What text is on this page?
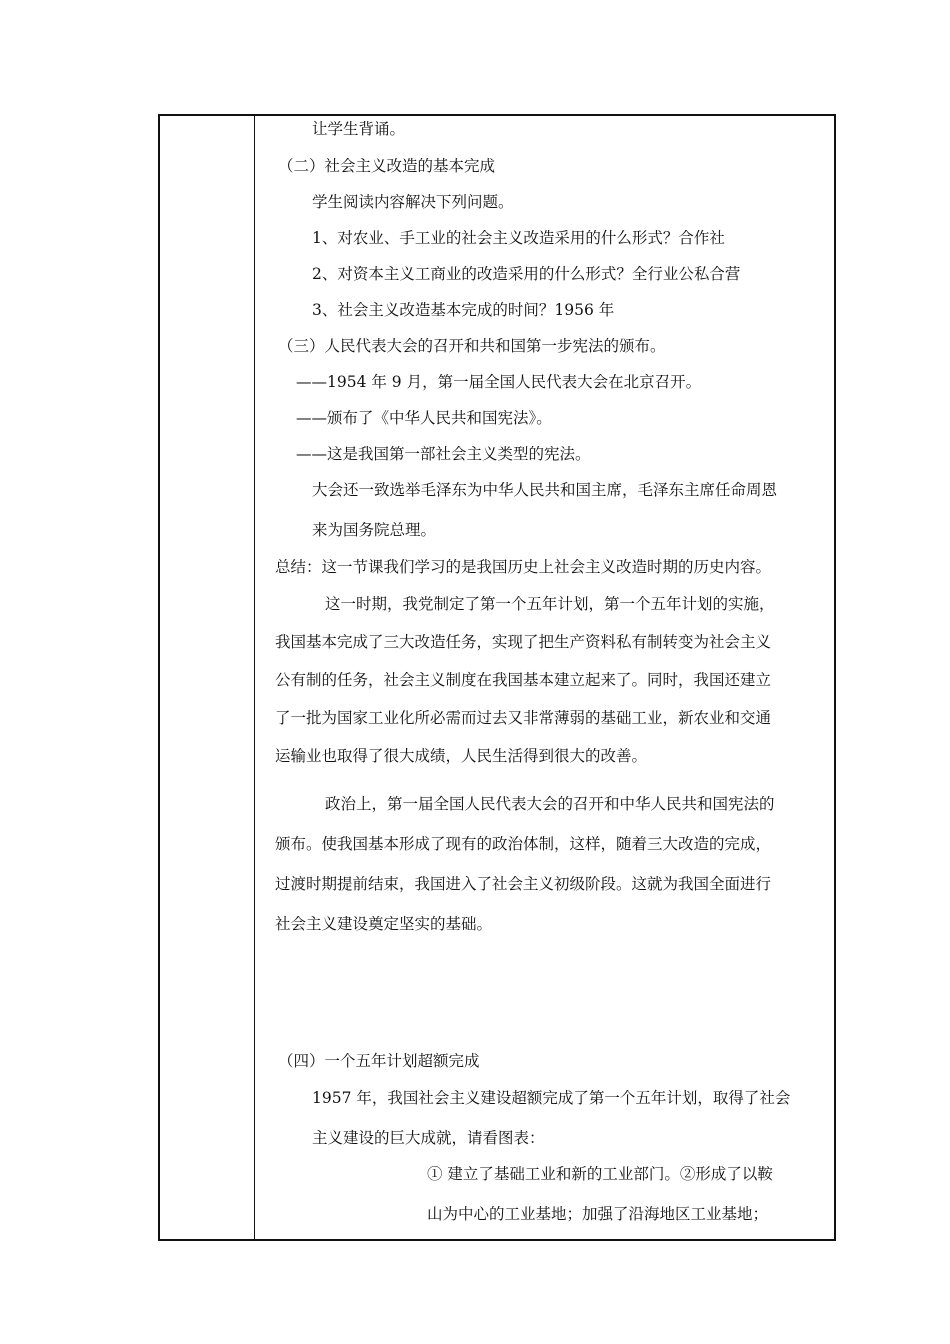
让学生背诵。
（二）社会主义改造的基本完成
学生阅读内容解决下列问题。
1、对农业、手工业的社会主义改造采用的什么形式？合作社
2、对资本主义工商业的改造采用的什么形式？全行业公私合营
3、社会主义改造基本完成的时间？1956 年
（三）人民代表大会的召开和共和国第一步宪法的颁布。
——1954 年 9 月，第一届全国人民代表大会在北京召开。
——颁布了《中华人民共和国宪法》。
——这是我国第一部社会主义类型的宪法。
大会还一致选举毛泽东为中华人民共和国主席，毛泽东主席任命周恩
来为国务院总理。
总结：这一节课我们学习的是我国历史上社会主义改造时期的历史内容。
这一时期，我党制定了第一个五年计划，第一个五年计划的实施，
我国基本完成了三大改造任务，实现了把生产资料私有制转变为社会主义
公有制的任务，社会主义制度在我国基本建立起来了。同时，我国还建立
了一批为国家工业化所必需而过去又非常薄弱的基础工业，新农业和交通
运输业也取得了很大成绩，人民生活得到很大的改善。
政治上，第一届全国人民代表大会的召开和中华人民共和国宪法的
颁布。使我国基本形成了现有的政治体制，这样，随着三大改造的完成，
过渡时期提前结束，我国进入了社会主义初级阶段。这就为我国全面进行
社会主义建设奠定坚实的基础。
（四）一个五年计划超额完成
1957 年，我国社会主义建设超额完成了第一个五年计划，取得了社会
主义建设的巨大成就，请看图表：
① 建立了基础工业和新的工业部门。②形成了以鞍
山为中心的工业基地；加强了沿海地区工业基地；
